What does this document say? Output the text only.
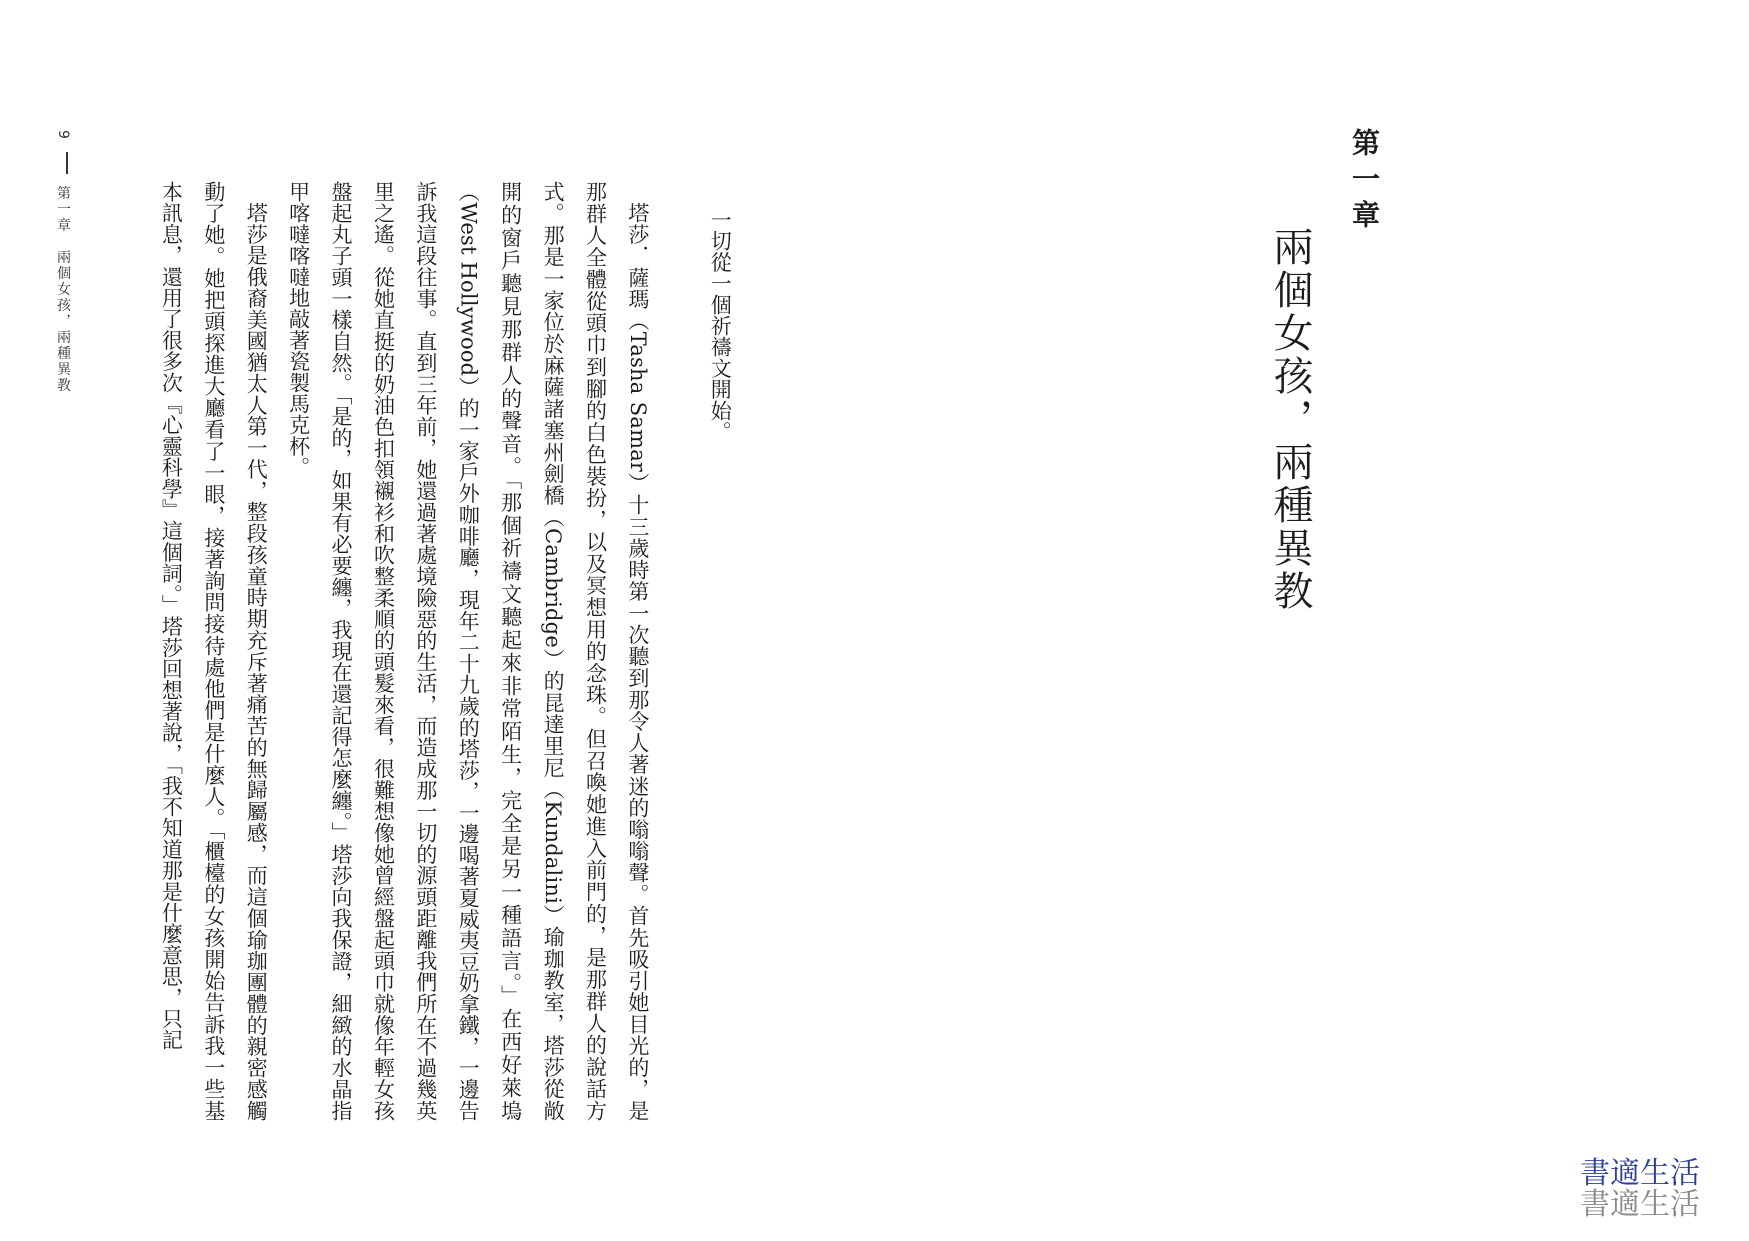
第一章
兩個女孩，兩種異教
一切從一個祈禱文開始。
塔莎．薩瑪（Tasha Samar）十三歲時第一次聽到那令人著迷的嗡嗡聲。首先吸引她目光的，是那群人全體從頭巾到腳的白色裝扮，以及冥想用的念珠。但召喚她進入前門的，是那群人的說話方式。那是一家位於麻薩諸塞州劍橋（Cambridge）的昆達里尼（Kundalini）瑜珈教室，塔莎從敞開的窗戶聽見那群人的聲音。「那個祈禱文聽起來非常陌生，完全是另一種語言。」在西好萊塢（West Hollywood）的一家戶外咖啡廳，現年二十九歲的塔莎，一邊喝著夏威夷豆奶拿鐵，一邊告訴我這段往事。直到三年前，她還過著處境險惡的生活，而造成那一切的源頭距離我們所在不過幾英里之遙。從她直挺的奶油色扣領襯衫和吹整柔順的頭髮來看，很難想像她曾經盤起頭巾就像年輕女孩盤起丸子頭一樣自然。「是的，如果有必要纏，我現在還記得怎麼纏。」塔莎向我保證，細緻的水晶指甲喀噠喀噠地敲著瓷製馬克杯。
塔莎是俄裔美國猶太人第一代，整段孩童時期充斥著痛苦的無歸屬感，而這個瑜珈團體的親密感觸動了她。她把頭探進大廳看了一眼，接著詢問接待處他們是什麼人。「櫃檯的女孩開始告訴我一些基本訊息，還用了很多次『心靈科學』這個詞。」塔莎回想著說，「我不知道那是什麼意思，只記
9  第一章　兩個女孩，兩種異教
書適生活
書適生活
